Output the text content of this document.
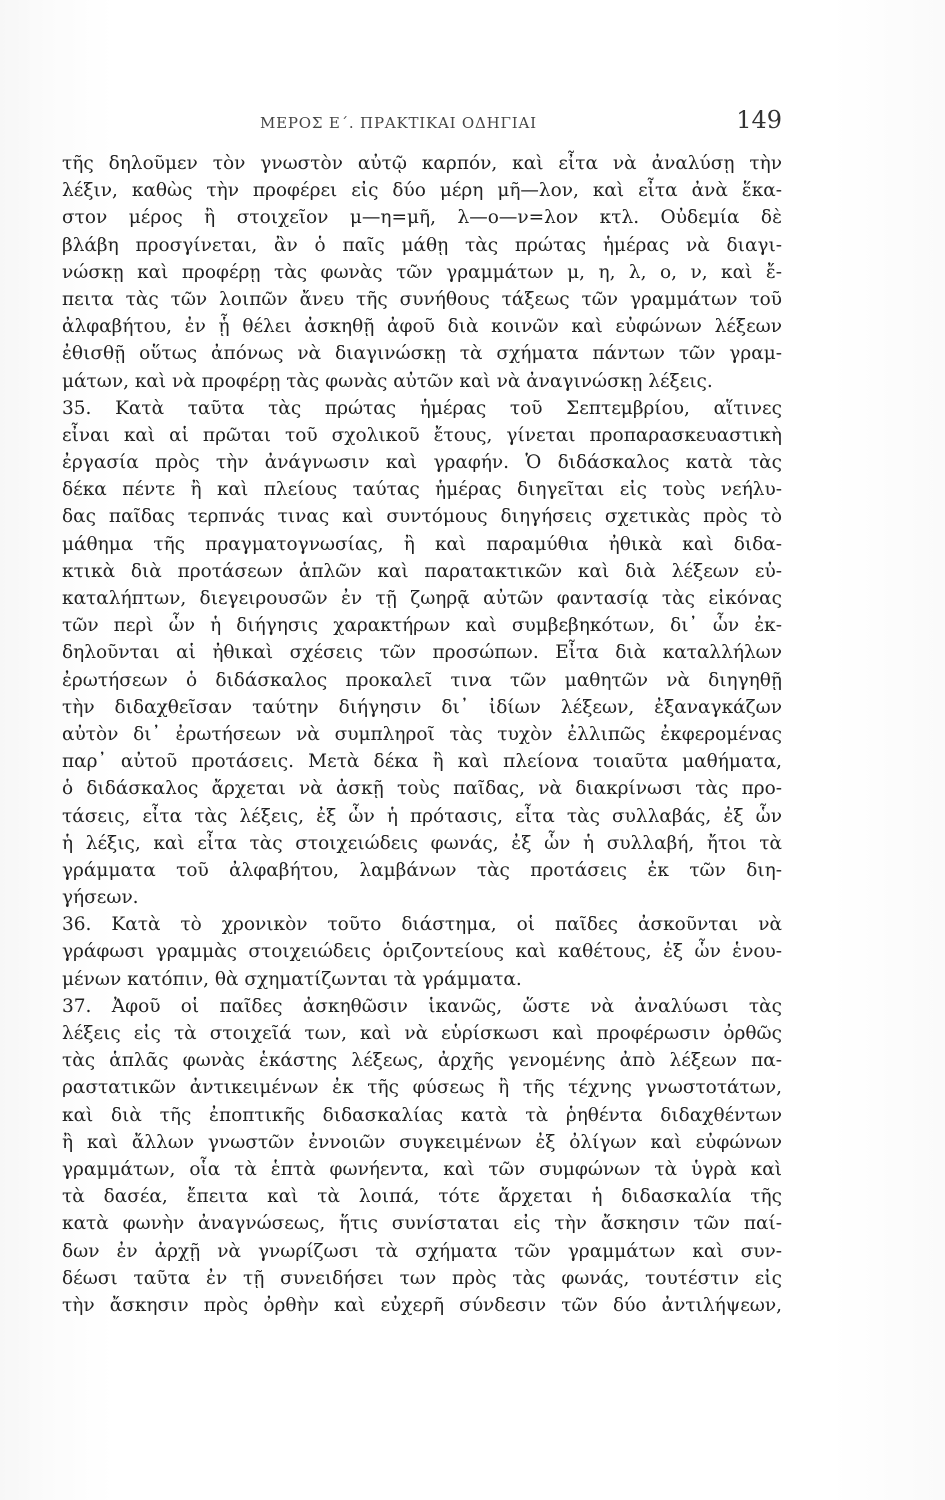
ΜΕΡΟΣ Ε΄. ΠΡΑΚΤΙΚΑΙ ΟΔΗΓΙΑΙ	149
τῆς δηλοῦμεν τὸν γνωστὸν αὐτῷ καρπόν, καὶ εἶτα νὰ ἀναλύσῃ τὴν
λέξιν, καθὼς τὴν προφέρει εἰς δύο μέρη μῆ—λον, καὶ εἶτα ἀνὰ ἕκα-
στον μέρος ἢ στοιχεῖον μ—η=μῆ, λ—ο—ν=λον κτλ. Οὐδεμία δὲ
βλάβη προσγίνεται, ἂν ὁ παῖς μάθῃ τὰς πρώτας ἡμέρας νὰ διαγι-
νώσκῃ καὶ προφέρῃ τὰς φωνὰς τῶν γραμμάτων μ, η, λ, ο, ν, καὶ ἔ-
πειτα τὰς τῶν λοιπῶν ἄνευ τῆς συνήθους τάξεως τῶν γραμμάτων τοῦ
ἀλφαβήτου, ἐν ᾗ θέλει ἀσκηθῇ ἀφοῦ διὰ κοινῶν καὶ εὐφώνων λέξεων
ἐθισθῇ οὕτως ἀπόνως νὰ διαγινώσκῃ τὰ σχήματα πάντων τῶν γραμ-
μάτων, καὶ νὰ προφέρῃ τὰς φωνὰς αὐτῶν καὶ νὰ ἀναγινώσκῃ λέξεις.
35. Κατὰ ταῦτα τὰς πρώτας ἡμέρας τοῦ Σεπτεμβρίου, αἵτινες
εἶναι καὶ αἱ πρῶται τοῦ σχολικοῦ ἔτους, γίνεται προπαρασκευαστικὴ
ἐργασία πρὸς τὴν ἀνάγνωσιν καὶ γραφήν. Ὁ διδάσκαλος κατὰ τὰς
δέκα πέντε ἢ καὶ πλείους ταύτας ἡμέρας διηγεῖται εἰς τοὺς νεήλυ-
δας παῖδας τερπνάς τινας καὶ συντόμους διηγήσεις σχετικὰς πρὸς τὸ
μάθημα τῆς πραγματογνωσίας, ἢ καὶ παραμύθια ἠθικὰ καὶ διδα-
κτικὰ διὰ προτάσεων ἁπλῶν καὶ παρατακτικῶν καὶ διὰ λέξεων εὐ-
καταλήπτων, διεγειρουσῶν ἐν τῇ ζωηρᾷ αὐτῶν φαντασίᾳ τὰς εἰκόνας
τῶν περὶ ὧν ἡ διήγησις χαρακτήρων καὶ συμβεβηκότων, δι᾽ ὧν ἐκ-
δηλοῦνται αἱ ἠθικαὶ σχέσεις τῶν προσώπων. Εἶτα διὰ καταλλήλων
ἐρωτήσεων ὁ διδάσκαλος προκαλεῖ τινα τῶν μαθητῶν νὰ διηγηθῇ
τὴν διδαχθεῖσαν ταύτην διήγησιν δι᾽ ἰδίων λέξεων, ἐξαναγκάζων
αὐτὸν δι᾽ ἐρωτήσεων νὰ συμπληροῖ τὰς τυχὸν ἐλλιπῶς ἐκφερομένας
παρ᾽ αὐτοῦ προτάσεις. Μετὰ δέκα ἢ καὶ πλείονα τοιαῦτα μαθήματα,
ὁ διδάσκαλος ἄρχεται νὰ ἀσκῇ τοὺς παῖδας, νὰ διακρίνωσι τὰς προ-
τάσεις, εἶτα τὰς λέξεις, ἐξ ὧν ἡ πρότασις, εἶτα τὰς συλλαβάς, ἐξ ὧν
ἡ λέξις, καὶ εἶτα τὰς στοιχειώδεις φωνάς, ἐξ ὧν ἡ συλλαβή, ἤτοι τὰ
γράμματα τοῦ ἀλφαβήτου, λαμβάνων τὰς προτάσεις ἐκ τῶν διη-
γήσεων.
36. Κατὰ τὸ χρονικὸν τοῦτο διάστημα, οἱ παῖδες ἀσκοῦνται νὰ
γράφωσι γραμμὰς στοιχειώδεις ὁριζοντείους καὶ καθέτους, ἐξ ὧν ἑνου-
μένων κατόπιν, θὰ σχηματίζωνται τὰ γράμματα.
37. Ἀφοῦ οἱ παῖδες ἀσκηθῶσιν ἱκανῶς, ὥστε νὰ ἀναλύωσι τὰς
λέξεις εἰς τὰ στοιχεῖά των, καὶ νὰ εὑρίσκωσι καὶ προφέρωσιν ὀρθῶς
τὰς ἁπλᾶς φωνὰς ἑκάστης λέξεως, ἀρχῆς γενομένης ἀπὸ λέξεων πα-
ραστατικῶν ἀντικειμένων ἐκ τῆς φύσεως ἢ τῆς τέχνης γνωστοτάτων,
καὶ διὰ τῆς ἐποπτικῆς διδασκαλίας κατὰ τὰ ῥηθέντα διδαχθέντων
ἢ καὶ ἄλλων γνωστῶν ἐννοιῶν συγκειμένων ἐξ ὀλίγων καὶ εὐφώνων
γραμμάτων, οἷα τὰ ἑπτὰ φωνήεντα, καὶ τῶν συμφώνων τὰ ὑγρὰ καὶ
τὰ δασέα, ἔπειτα καὶ τὰ λοιπά, τότε ἄρχεται ἡ διδασκαλία τῆς
κατὰ φωνὴν ἀναγνώσεως, ἥτις συνίσταται εἰς τὴν ἄσκησιν τῶν παί-
δων ἐν ἀρχῇ νὰ γνωρίζωσι τὰ σχήματα τῶν γραμμάτων καὶ συν-
δέωσι ταῦτα ἐν τῇ συνειδήσει των πρὸς τὰς φωνάς, τουτέστιν εἰς
τὴν ἄσκησιν πρὸς ὀρθὴν καὶ εὐχερῆ σύνδεσιν τῶν δύο ἀντιλήψεων,
